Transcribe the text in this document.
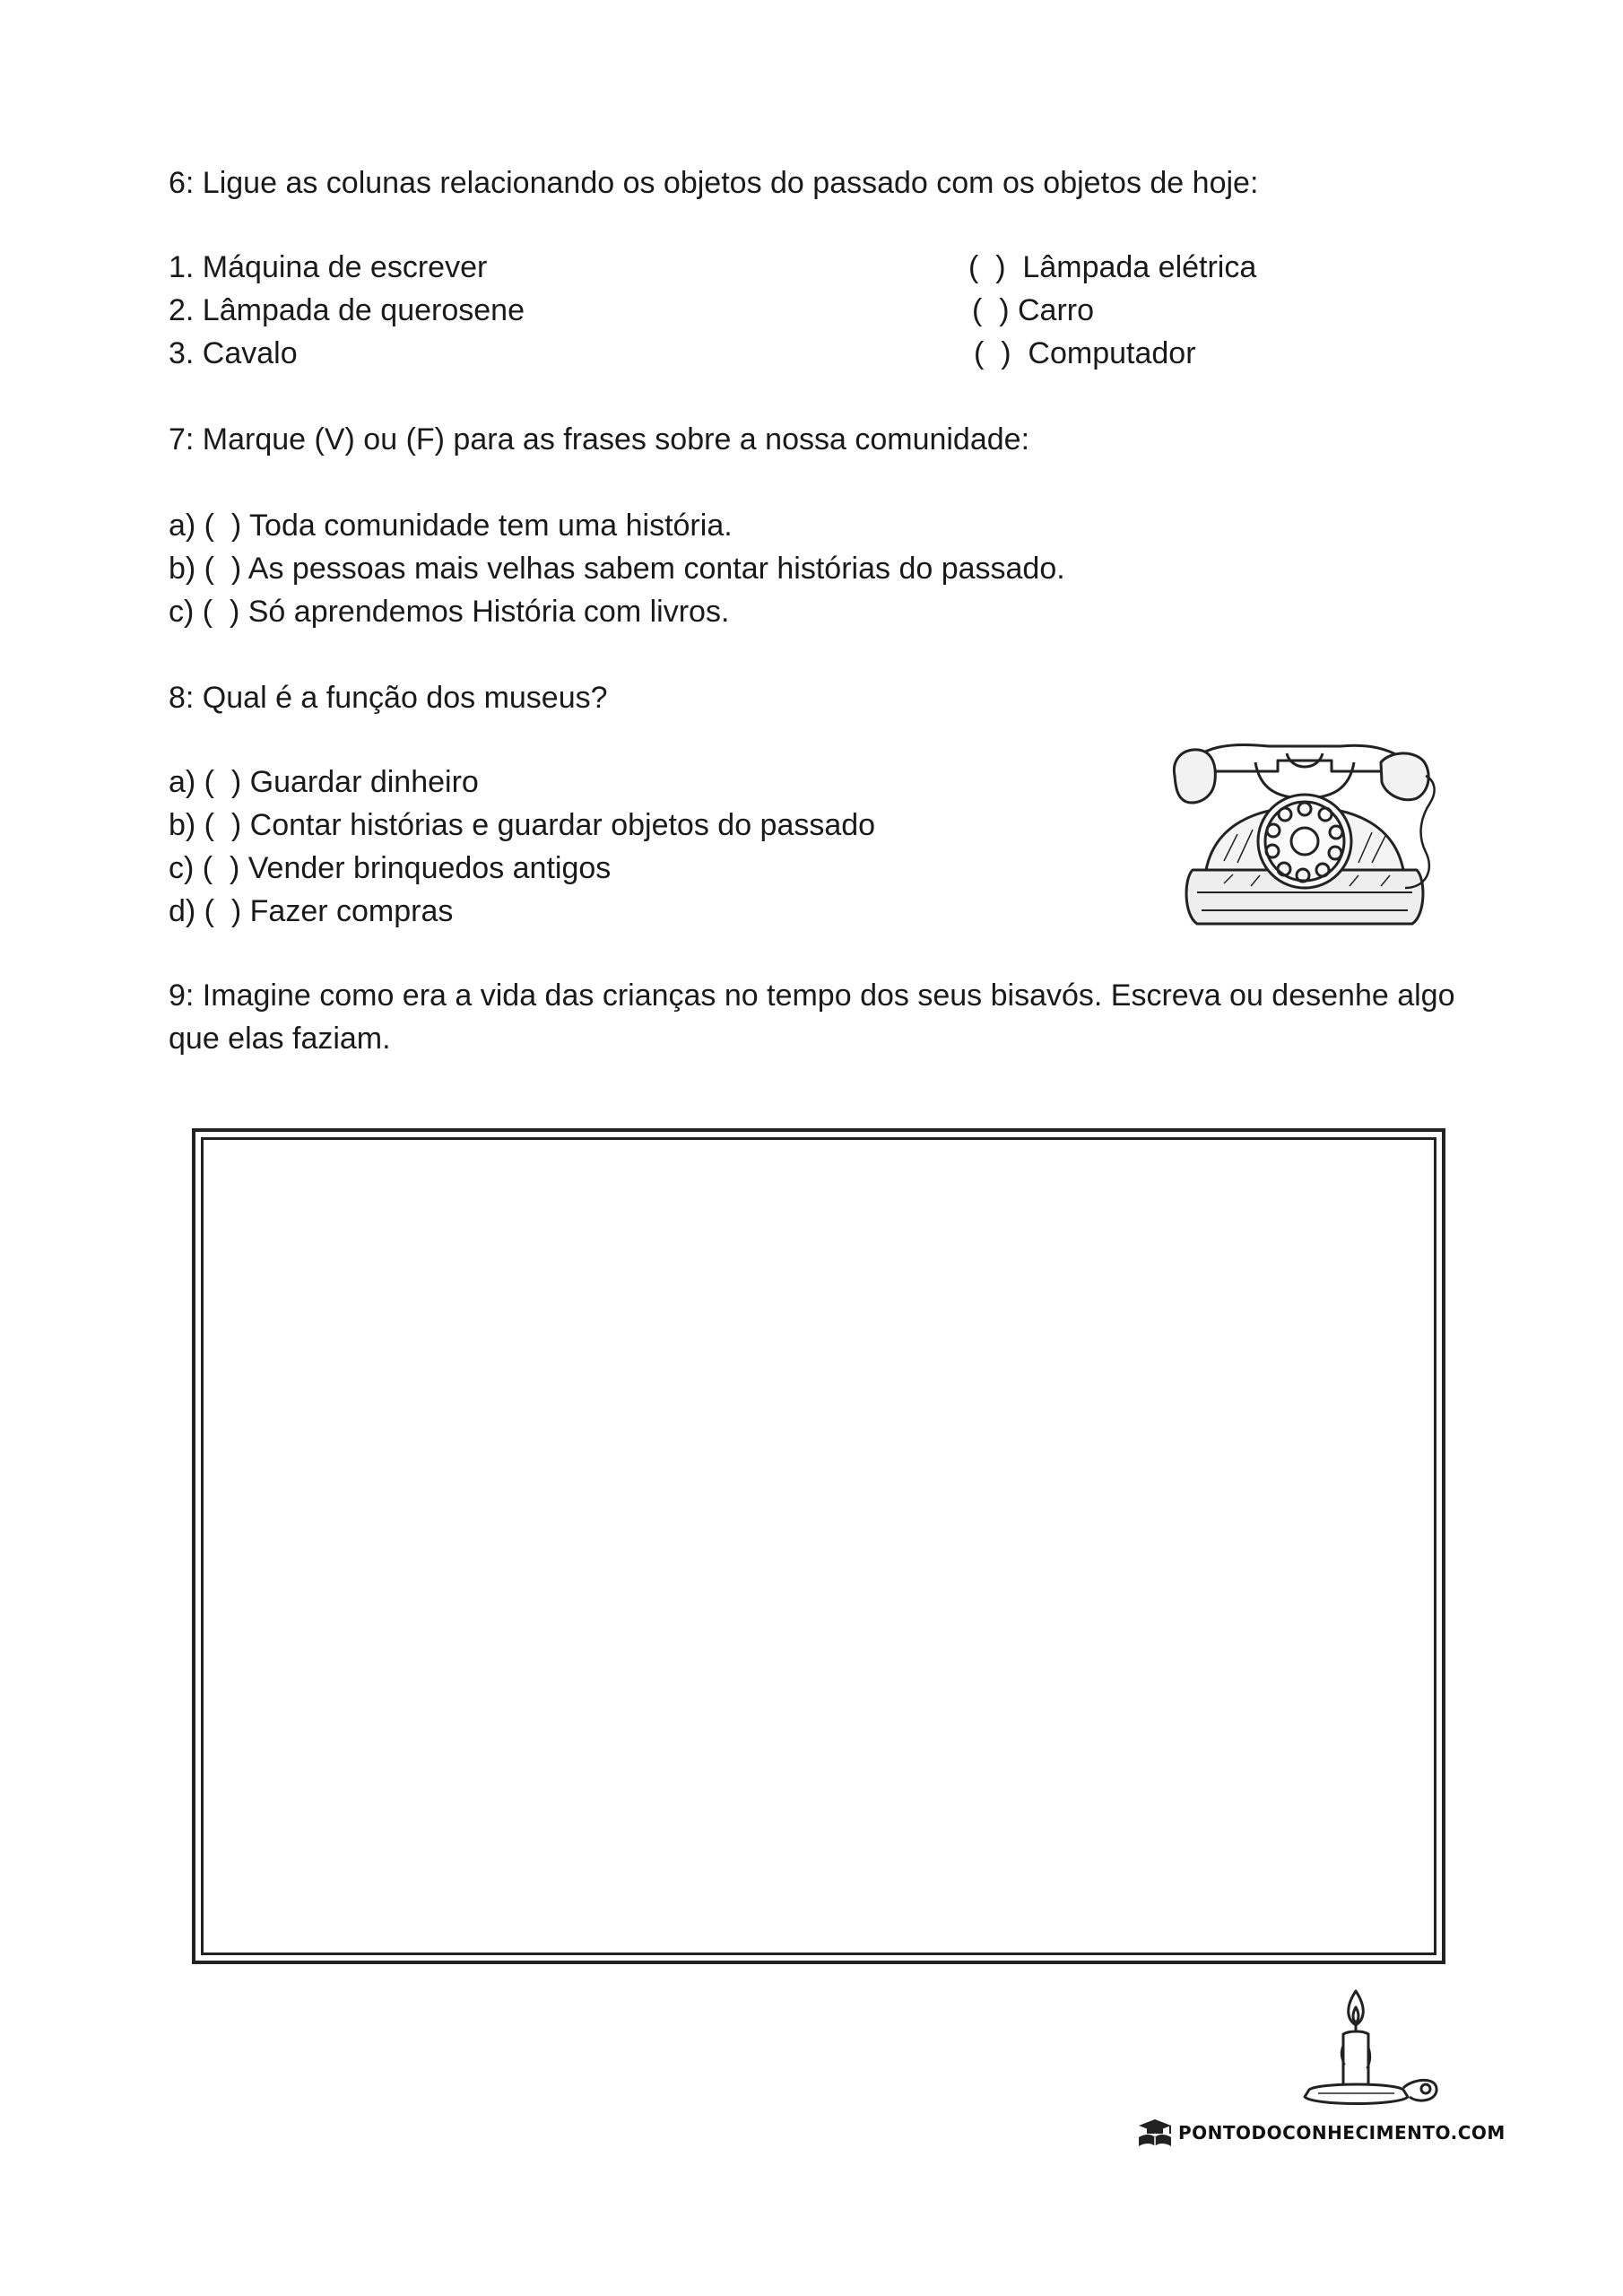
6: Ligue as colunas relacionando os objetos do passado com os objetos de hoje:
1. Máquina de escrever
2. Lâmpada de querosene
3. Cavalo
(  )  Lâmpada elétrica
(  ) Carro
(  )  Computador
7: Marque (V) ou (F) para as frases sobre a nossa comunidade:
a) (  ) Toda comunidade tem uma história.
b) (  ) As pessoas mais velhas sabem contar histórias do passado.
c) (  ) Só aprendemos História com livros.
8: Qual é a função dos museus?
a) (  ) Guardar dinheiro
b) (  ) Contar histórias e guardar objetos do passado
c) (  ) Vender brinquedos antigos
d) (  ) Fazer compras
9: Imagine como era a vida das crianças no tempo dos seus bisavós. Escreva ou desenhe algo
que elas faziam.
PONTODOCONHECIMENTO.COM
